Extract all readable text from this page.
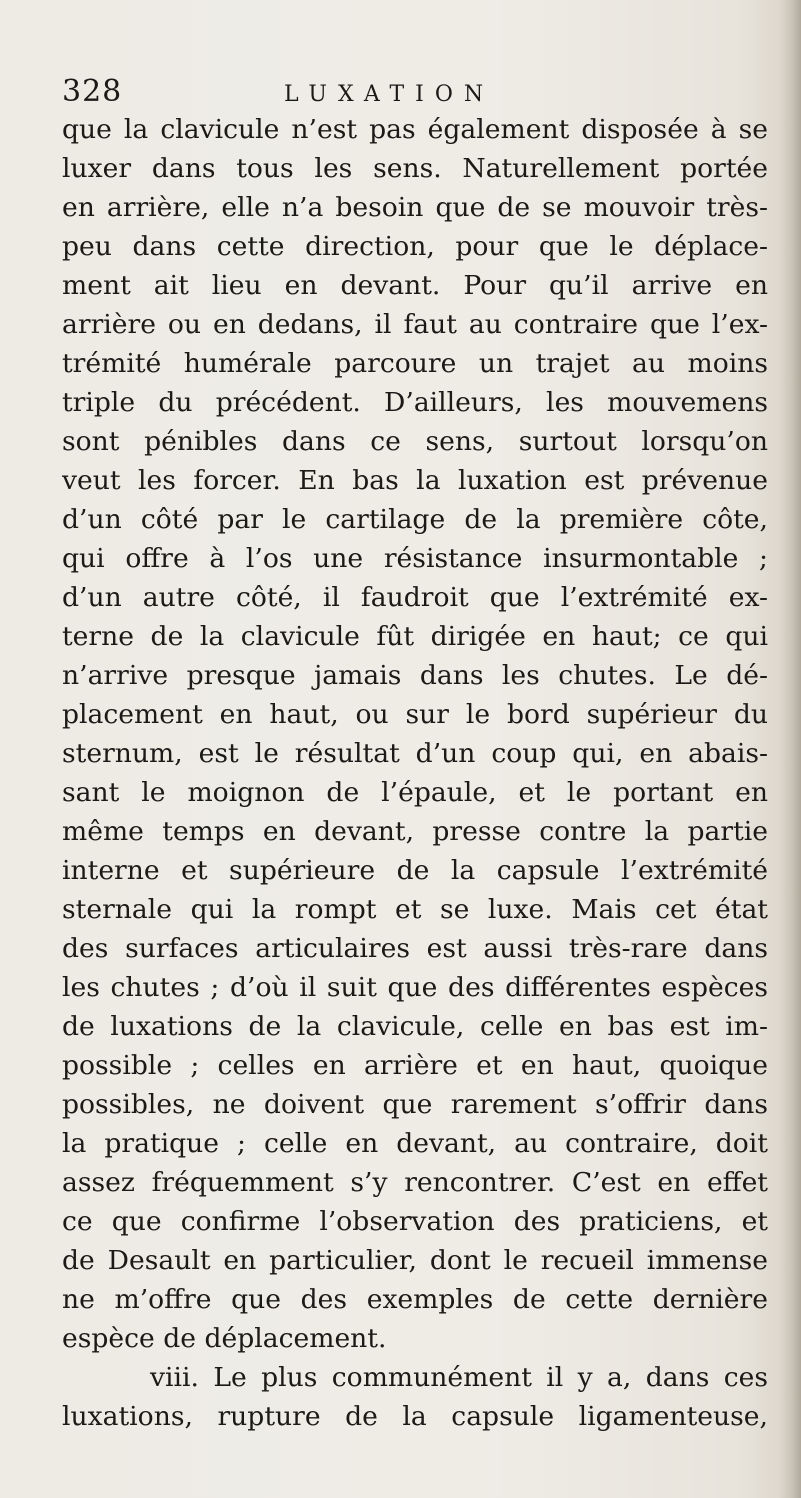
328	LUXATION
que la clavicule n’est pas également disposée à se
luxer dans tous les sens. Naturellement portée
en arrière, elle n’a besoin que de se mouvoir très-
peu dans cette direction, pour que le déplace-
ment ait lieu en devant. Pour qu’il arrive en
arrière ou en dedans, il faut au contraire que l’ex-
trémité humérale parcoure un trajet au moins
triple du précédent. D’ailleurs, les mouvemens
sont pénibles dans ce sens, surtout lorsqu’on
veut les forcer. En bas la luxation est prévenue
d’un côté par le cartilage de la première côte,
qui offre à l’os une résistance insurmontable ;
d’un autre côté, il faudroit que l’extrémité ex-
terne de la clavicule fût dirigée en haut; ce qui
n’arrive presque jamais dans les chutes. Le dé-
placement en haut, ou sur le bord supérieur du
sternum, est le résultat d’un coup qui, en abais-
sant le moignon de l’épaule, et le portant en
même temps en devant, presse contre la partie
interne et supérieure de la capsule l’extrémité
sternale qui la rompt et se luxe. Mais cet état
des surfaces articulaires est aussi très-rare dans
les chutes ; d’où il suit que des différentes espèces
de luxations de la clavicule, celle en bas est im-
possible ; celles en arrière et en haut, quoique
possibles, ne doivent que rarement s’offrir dans
la pratique ; celle en devant, au contraire, doit
assez fréquemment s’y rencontrer. C’est en effet
ce que confirme l’observation des praticiens, et
de Desault en particulier, dont le recueil immense
ne m’offre que des exemples de cette dernière
espèce de déplacement.
viii. Le plus communément il y a, dans ces
luxations, rupture de la capsule ligamenteuse,
